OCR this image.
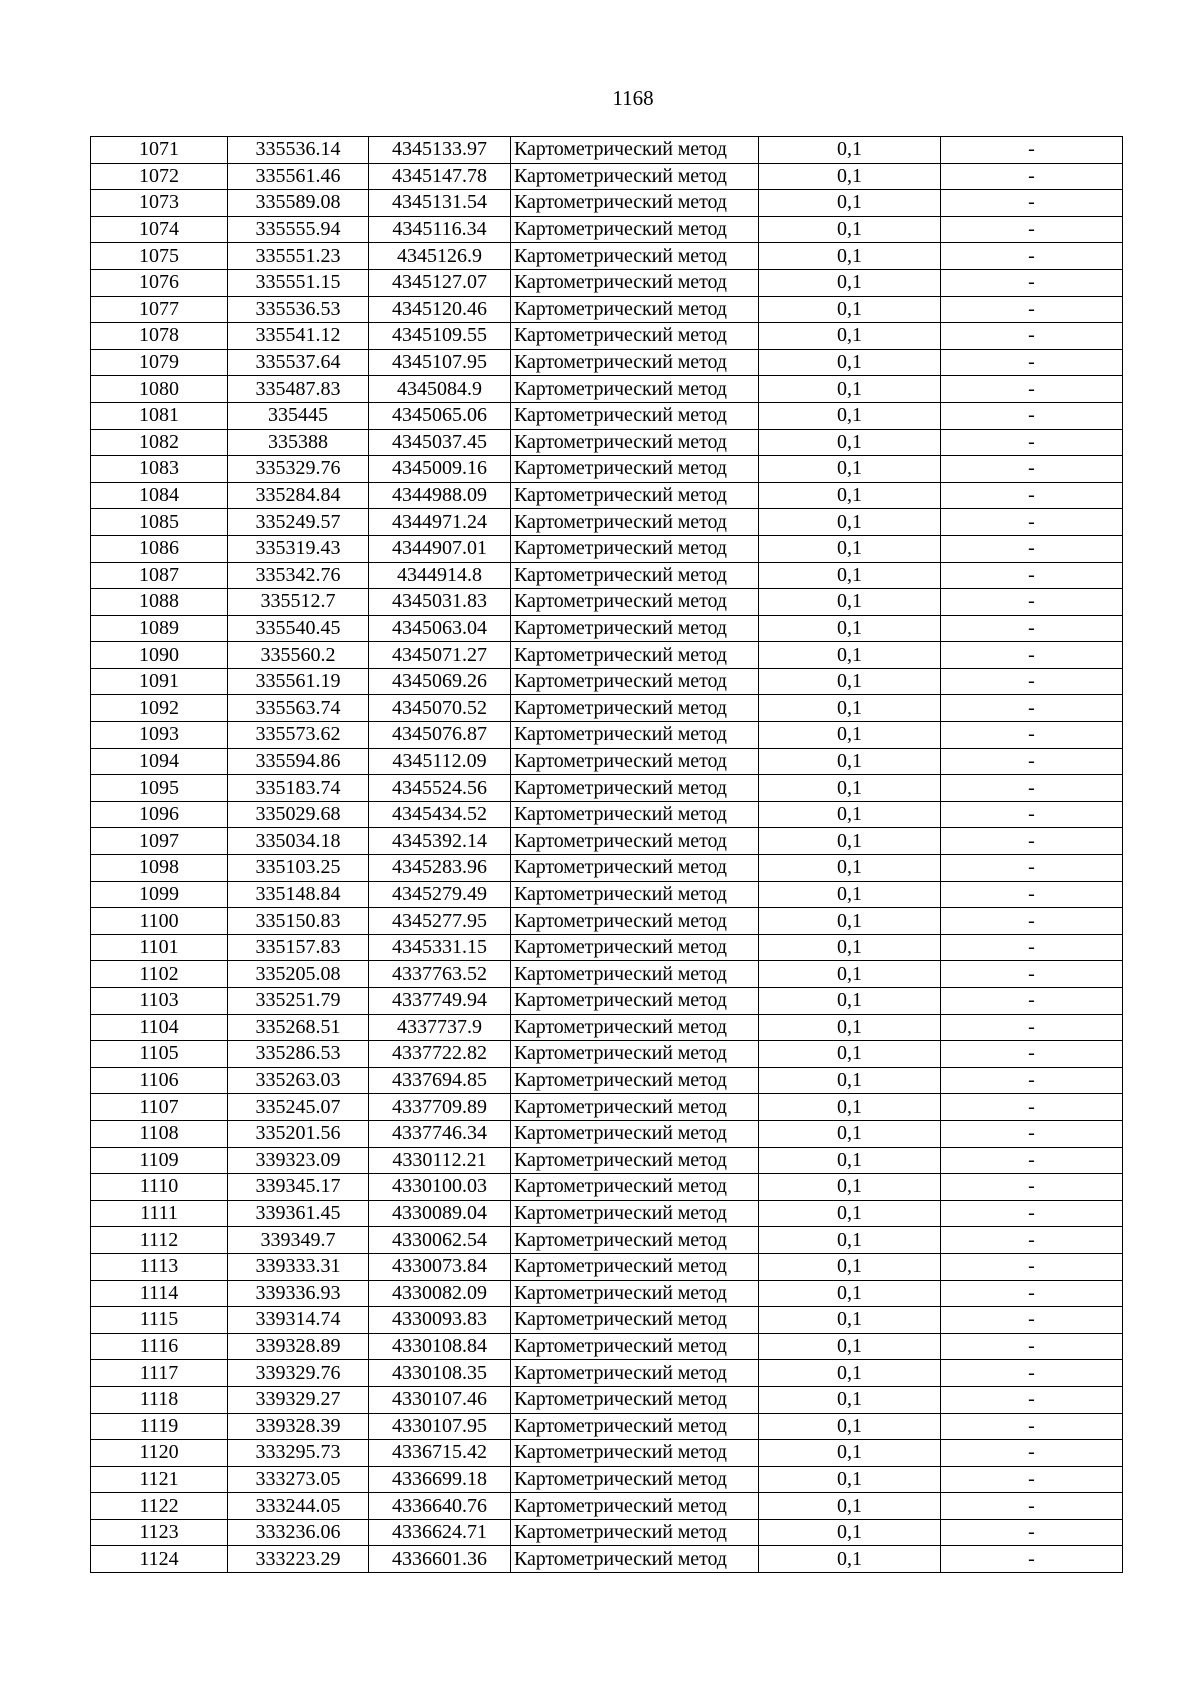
1168
1071	335536.14	4345133.97	Картометрический метод	0,1	-
1072	335561.46	4345147.78	Картометрический метод	0,1	-
1073	335589.08	4345131.54	Картометрический метод	0,1	-
1074	335555.94	4345116.34	Картометрический метод	0,1	-
1075	335551.23	4345126.9	Картометрический метод	0,1	-
1076	335551.15	4345127.07	Картометрический метод	0,1	-
1077	335536.53	4345120.46	Картометрический метод	0,1	-
1078	335541.12	4345109.55	Картометрический метод	0,1	-
1079	335537.64	4345107.95	Картометрический метод	0,1	-
1080	335487.83	4345084.9	Картометрический метод	0,1	-
1081	335445	4345065.06	Картометрический метод	0,1	-
1082	335388	4345037.45	Картометрический метод	0,1	-
1083	335329.76	4345009.16	Картометрический метод	0,1	-
1084	335284.84	4344988.09	Картометрический метод	0,1	-
1085	335249.57	4344971.24	Картометрический метод	0,1	-
1086	335319.43	4344907.01	Картометрический метод	0,1	-
1087	335342.76	4344914.8	Картометрический метод	0,1	-
1088	335512.7	4345031.83	Картометрический метод	0,1	-
1089	335540.45	4345063.04	Картометрический метод	0,1	-
1090	335560.2	4345071.27	Картометрический метод	0,1	-
1091	335561.19	4345069.26	Картометрический метод	0,1	-
1092	335563.74	4345070.52	Картометрический метод	0,1	-
1093	335573.62	4345076.87	Картометрический метод	0,1	-
1094	335594.86	4345112.09	Картометрический метод	0,1	-
1095	335183.74	4345524.56	Картометрический метод	0,1	-
1096	335029.68	4345434.52	Картометрический метод	0,1	-
1097	335034.18	4345392.14	Картометрический метод	0,1	-
1098	335103.25	4345283.96	Картометрический метод	0,1	-
1099	335148.84	4345279.49	Картометрический метод	0,1	-
1100	335150.83	4345277.95	Картометрический метод	0,1	-
1101	335157.83	4345331.15	Картометрический метод	0,1	-
1102	335205.08	4337763.52	Картометрический метод	0,1	-
1103	335251.79	4337749.94	Картометрический метод	0,1	-
1104	335268.51	4337737.9	Картометрический метод	0,1	-
1105	335286.53	4337722.82	Картометрический метод	0,1	-
1106	335263.03	4337694.85	Картометрический метод	0,1	-
1107	335245.07	4337709.89	Картометрический метод	0,1	-
1108	335201.56	4337746.34	Картометрический метод	0,1	-
1109	339323.09	4330112.21	Картометрический метод	0,1	-
1110	339345.17	4330100.03	Картометрический метод	0,1	-
1111	339361.45	4330089.04	Картометрический метод	0,1	-
1112	339349.7	4330062.54	Картометрический метод	0,1	-
1113	339333.31	4330073.84	Картометрический метод	0,1	-
1114	339336.93	4330082.09	Картометрический метод	0,1	-
1115	339314.74	4330093.83	Картометрический метод	0,1	-
1116	339328.89	4330108.84	Картометрический метод	0,1	-
1117	339329.76	4330108.35	Картометрический метод	0,1	-
1118	339329.27	4330107.46	Картометрический метод	0,1	-
1119	339328.39	4330107.95	Картометрический метод	0,1	-
1120	333295.73	4336715.42	Картометрический метод	0,1	-
1121	333273.05	4336699.18	Картометрический метод	0,1	-
1122	333244.05	4336640.76	Картометрический метод	0,1	-
1123	333236.06	4336624.71	Картометрический метод	0,1	-
1124	333223.29	4336601.36	Картометрический метод	0,1	-
